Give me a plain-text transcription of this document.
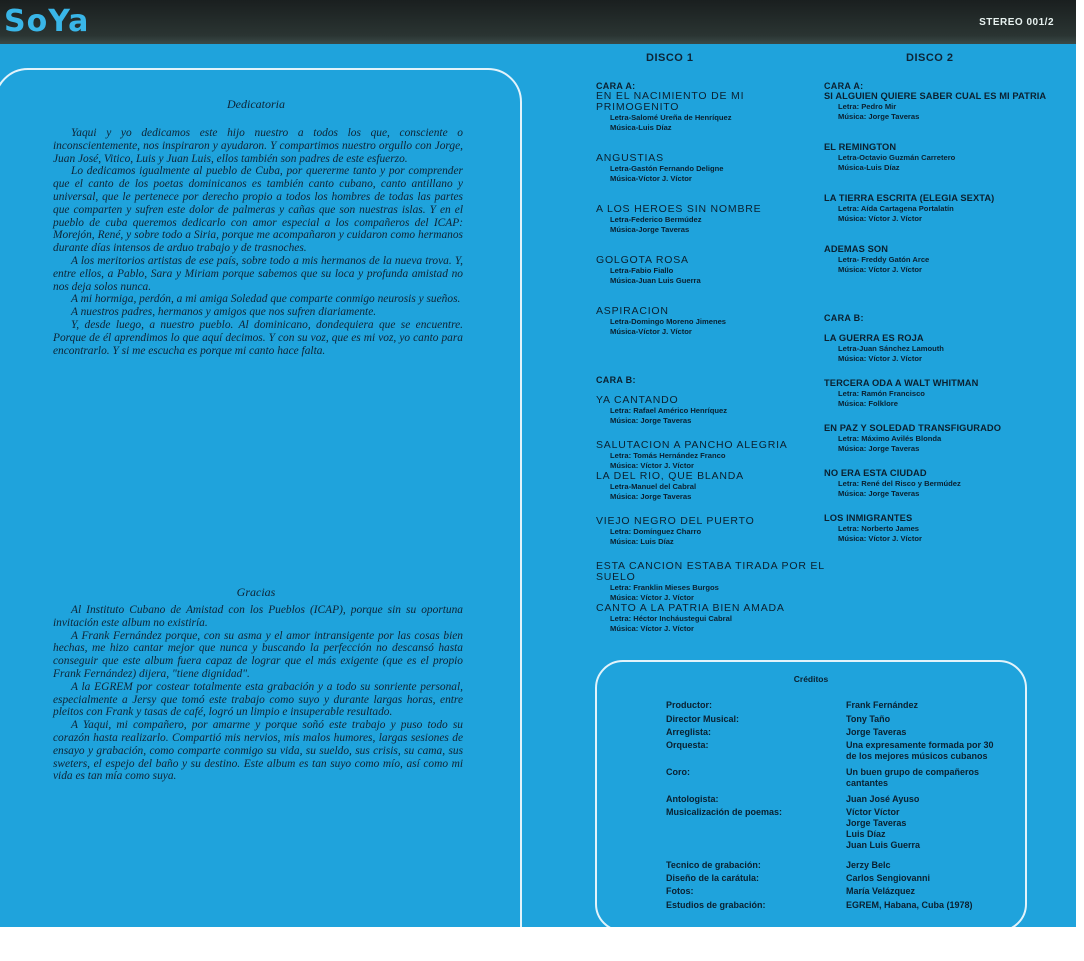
SoYa	STEREO 001/2
Dedicatoria

Yaqui y yo dedicamos este hijo nuestro a todos los que, consciente o inconscientemente, nos inspiraron y ayudaron. Y compartimos nuestro orgullo con Jorge, Juan José, Vitico, Luis y Juan Luis, ellos también son padres de este esfuerzo.

Lo dedicamos igualmente al pueblo de Cuba, por quererme tanto y por comprender que el canto de los poetas dominicanos es también canto cubano, canto antillano y universal, que le pertenece por derecho propio a todos los hombres de todas las partes que comparten y sufren este dolor de palmeras y cañas que son nuestras islas. Y en el pueblo de cuba queremos dedicarlo con amor especial a los compañeros del ICAP: Morejón, René, y sobre todo a Siria, porque me acompañaron y cuidaron como hermanos durante días intensos de arduo trabajo y de trasnoches.

A los meritorios artistas de ese país, sobre todo a mis hermanos de la nueva trova. Y, entre ellos, a Pablo, Sara y Miriam porque sabemos que su loca y profunda amistad no nos deja solos nunca.

A mi hormiga, perdón, a mi amiga Soledad que comparte conmigo neurosis y sueños.

A nuestros padres, hermanos y amigos que nos sufren diariamente.

Y, desde luego, a nuestro pueblo. Al dominicano, dondequiera que se encuentre. Porque de él aprendimos lo que aquí decimos. Y con su voz, que es mi voz, yo canto para encontrarlo. Y si me escucha es porque mi canto hace falta.

Gracias

Al Instituto Cubano de Amistad con los Pueblos (ICAP), porque sin su oportuna invitación este album no existiría.

A Frank Fernández porque, con su asma y el amor intransigente por las cosas bien hechas, me hizo cantar mejor que nunca y buscando la perfección no descansó hasta conseguir que este album fuera capaz de lograr que el más exigente (que es el propio Frank Fernández) dijera, "tiene dignidad".

A la EGREM por costear totalmente esta grabación y a todo su sonriente personal, especialmente a Jersy que tomó este trabajo como suyo y durante largas horas, entre pleitos con Frank y tasas de café, logró un limpio e insuperable resultado.

A Yaqui, mi compañero, por amarme y porque soñó este trabajo y puso todo su corazón hasta realizarlo. Compartió mis nervios, mis malos humores, largas sesiones de ensayo y grabación, como comparte conmigo su vida, su sueldo, sus crisis, su cama, sus sweters, el espejo del baño y su destino. Este album es tan suyo como mío, así como mi vida es tan mía como suya.

DISCO 1	DISCO 2
CARA A:
EN EL NACIMIENTO DE MI PRIMOGENITO
Letra-Salomé Ureña de Henríquez
Música-Luis Díaz
ANGUSTIAS
Letra-Gastón Fernando Deligne
Música-Víctor J. Víctor
A LOS HEROES SIN NOMBRE
Letra-Federico Bermúdez
Música-Jorge Taveras
GOLGOTA ROSA
Letra-Fabio Fiallo
Música-Juan Luis Guerra
ASPIRACION
Letra-Domingo Moreno Jimenes
Música-Víctor J. Víctor
CARA B:
YA CANTANDO
Letra: Rafael Américo Henríquez
Música: Jorge Taveras
SALUTACION A PANCHO ALEGRIA
Letra: Tomás Hernández Franco
Música: Víctor J. Víctor
LA DEL RIO, QUE BLANDA
Letra-Manuel del Cabral
Música: Jorge Taveras
VIEJO NEGRO DEL PUERTO
Letra: Domínguez Charro
Música: Luis Díaz
ESTA CANCION ESTABA TIRADA POR EL SUELO
Letra: Franklin Mieses Burgos
Música: Víctor J. Víctor
CANTO A LA PATRIA BIEN AMADA
Letra: Héctor Incháustegui Cabral
Música: Víctor J. Víctor
CARA A:
SI ALGUIEN QUIERE SABER CUAL ES MI PATRIA
Letra: Pedro Mir
Música: Jorge Taveras
EL REMINGTON
Letra-Octavio Guzmán Carretero
Música-Luis Díaz
LA TIERRA ESCRITA (ELEGIA SEXTA)
Letra: Aída Cartagena Portalatín
Música: Víctor J. Víctor
ADEMAS SON
Letra- Freddy Gatón Arce
Música: Víctor J. Víctor
CARA B:
LA GUERRA ES ROJA
Letra-Juan Sánchez Lamouth
Música: Víctor J. Víctor
TERCERA ODA A WALT WHITMAN
Letra: Ramón Francisco
Música: Folklore
EN PAZ Y SOLEDAD TRANSFIGURADO
Letra: Máximo Avilés Blonda
Música: Jorge Taveras
NO ERA ESTA CIUDAD
Letra: René del Risco y Bermúdez
Música: Jorge Taveras
LOS INMIGRANTES
Letra: Norberto James
Música: Víctor J. Víctor
Créditos
Productor:	Frank Fernández
Director Musical:	Tony Taño
Arreglista:	Jorge Taveras
Orquesta:	Una expresamente formada por 30
de los mejores músicos cubanos
Coro:	Un buen grupo de compañeros
cantantes
Antologista:	Juan José Ayuso
Musicalización de poemas:	Víctor Víctor
Jorge Taveras
Luis Díaz
Juan Luis Guerra
Tecnico de grabación:	Jerzy Belc
Diseño de la carátula:	Carlos Sengiovanni
Fotos:	María Velázquez
Estudios de grabación:	EGREM, Habana, Cuba (1978)
